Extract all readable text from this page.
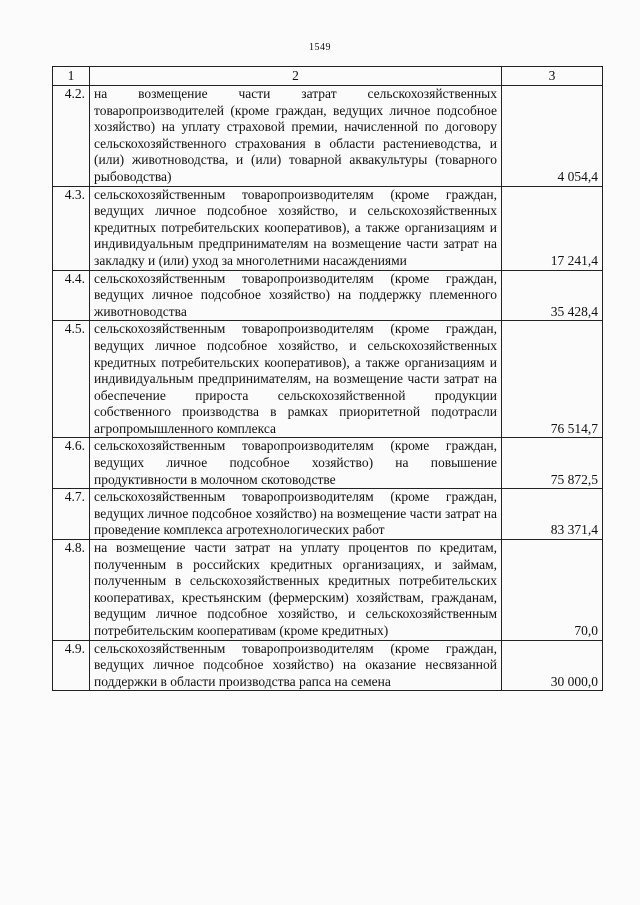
1549
1	2	3
4.2.	на возмещение части затрат сельскохозяйственных товаропроизводителей (кроме граждан, ведущих личное подсобное хозяйство) на уплату страховой премии, начисленной по договору сельскохозяйственного страхования в области растениеводства, и (или) животноводства, и (или) товарной аквакультуры (товарного рыбоводства)	4 054,4
4.3.	сельскохозяйственным товаропроизводителям (кроме граждан, ведущих личное подсобное хозяйство, и сельскохозяйственных кредитных потребительских кооперативов), а также организациям и индивидуальным предпринимателям на возмещение части затрат на закладку и (или) уход за многолетними насаждениями	17 241,4
4.4.	сельскохозяйственным товаропроизводителям (кроме граждан, ведущих личное подсобное хозяйство) на поддержку племенного животноводства	35 428,4
4.5.	сельскохозяйственным товаропроизводителям (кроме граждан, ведущих личное подсобное хозяйство, и сельскохозяйственных кредитных потребительских кооперативов), а также организациям и индивидуальным предпринимателям, на возмещение части затрат на обеспечение прироста сельскохозяйственной продукции собственного производства в рамках приоритетной подотрасли агропромышленного комплекса	76 514,7
4.6.	сельскохозяйственным товаропроизводителям (кроме граждан, ведущих личное подсобное хозяйство) на повышение продуктивности в молочном скотоводстве	75 872,5
4.7.	сельскохозяйственным товаропроизводителям (кроме граждан, ведущих личное подсобное хозяйство) на возмещение части затрат на проведение комплекса агротехнологических работ	83 371,4
4.8.	на возмещение части затрат на уплату процентов по кредитам, полученным в российских кредитных организациях, и займам, полученным в сельскохозяйственных кредитных потребительских кооперативах, крестьянским (фермерским) хозяйствам, гражданам, ведущим личное подсобное хозяйство, и сельскохозяйственным потребительским кооперативам (кроме кредитных)	70,0
4.9.	сельскохозяйственным товаропроизводителям (кроме граждан, ведущих личное подсобное хозяйство) на оказание несвязанной поддержки в области производства рапса на семена	30 000,0
